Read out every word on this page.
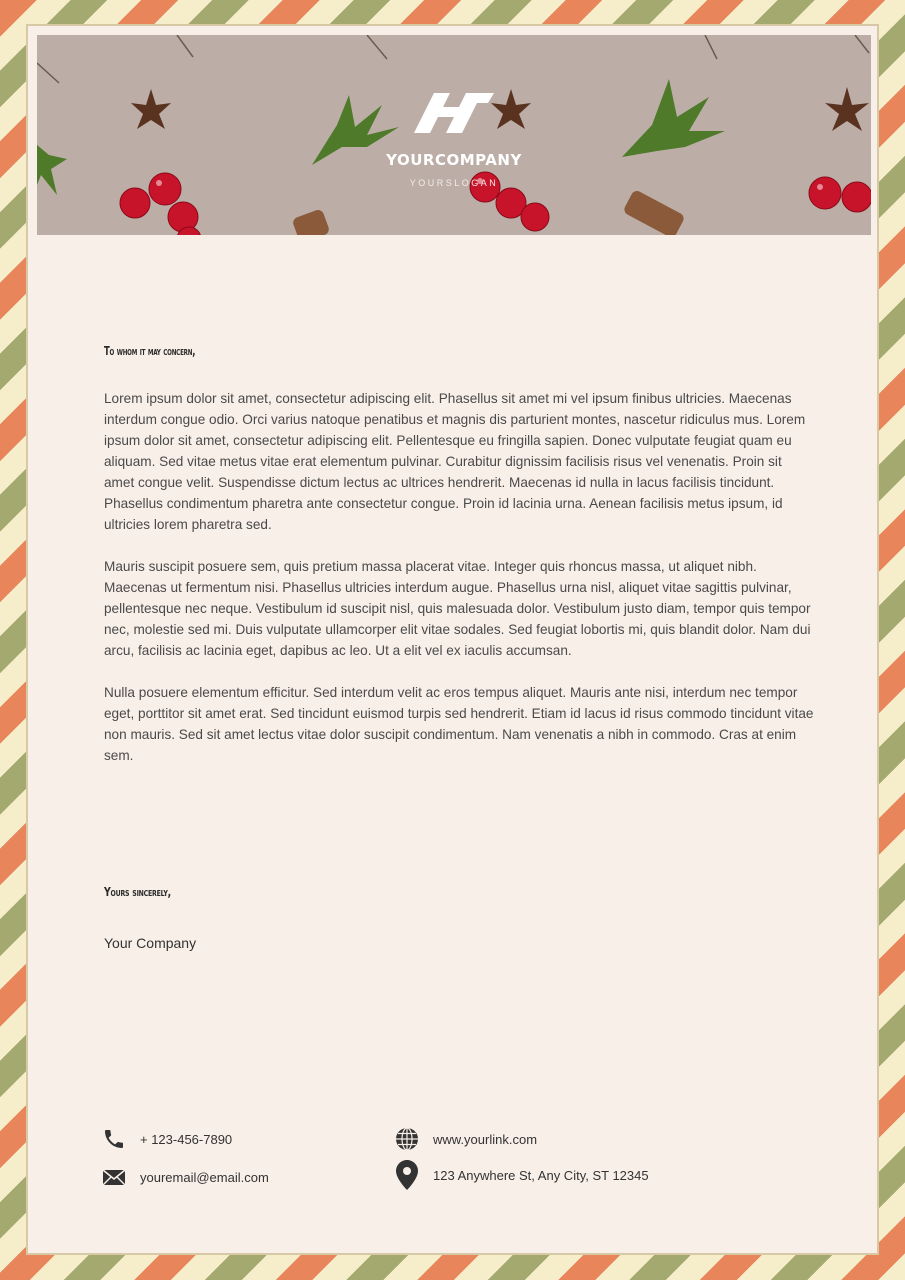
YOURCOMPANY
YOURSLOGAN
To whom it may concern,

Lorem ipsum dolor sit amet, consectetur adipiscing elit. Phasellus sit amet mi vel ipsum finibus ultricies. Maecenas interdum congue odio. Orci varius natoque penatibus et magnis dis parturient montes, nascetur ridiculus mus. Lorem ipsum dolor sit amet, consectetur adipiscing elit. Pellentesque eu fringilla sapien. Donec vulputate feugiat quam eu aliquam. Sed vitae metus vitae erat elementum pulvinar. Curabitur dignissim facilisis risus vel venenatis. Proin sit amet congue velit. Suspendisse dictum lectus ac ultrices hendrerit. Maecenas id nulla in lacus facilisis tincidunt. Phasellus condimentum pharetra ante consectetur congue. Proin id lacinia urna. Aenean facilisis metus ipsum, id ultricies lorem pharetra sed.

Mauris suscipit posuere sem, quis pretium massa placerat vitae. Integer quis rhoncus massa, ut aliquet nibh. Maecenas ut fermentum nisi. Phasellus ultricies interdum augue. Phasellus urna nisl, aliquet vitae sagittis pulvinar, pellentesque nec neque. Vestibulum id suscipit nisl, quis malesuada dolor. Vestibulum justo diam, tempor quis tempor nec, molestie sed mi. Duis vulputate ullamcorper elit vitae sodales. Sed feugiat lobortis mi, quis blandit dolor. Nam dui arcu, facilisis ac lacinia eget, dapibus ac leo. Ut a elit vel ex iaculis accumsan.

Nulla posuere elementum efficitur. Sed interdum velit ac eros tempus aliquet. Mauris ante nisi, interdum nec tempor eget, porttitor sit amet erat. Sed tincidunt euismod turpis sed hendrerit. Etiam id lacus id risus commodo tincidunt vitae non mauris. Sed sit amet lectus vitae dolor suscipit condimentum. Nam venenatis a nibh in commodo. Cras at enim sem.

Yours sincerely,
Your Company
+ 123-456-7890
youremail@email.com
www.yourlink.com
123 Anywhere St, Any City, ST 12345
